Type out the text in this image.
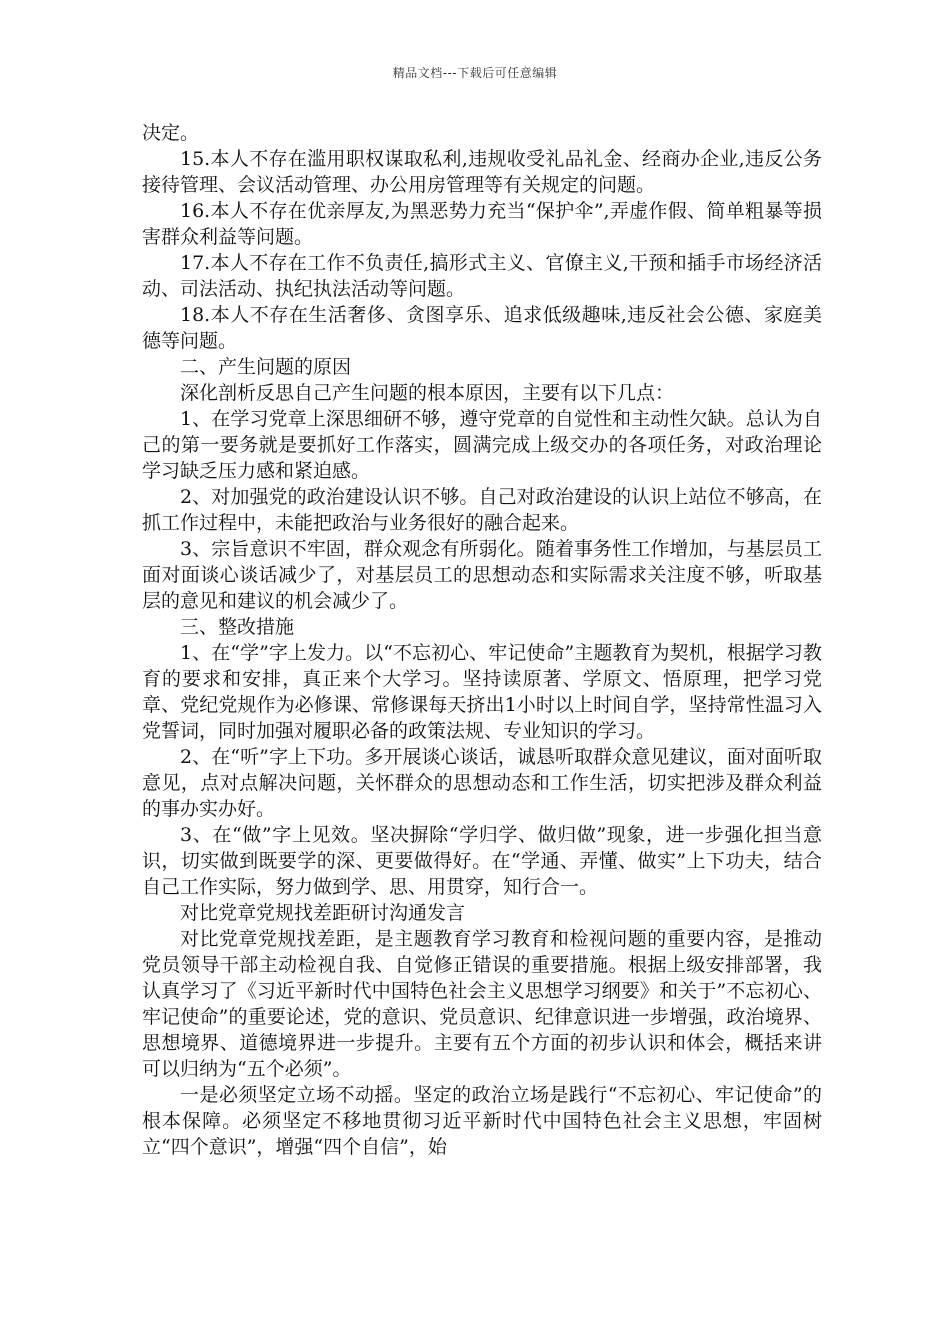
精品文档---下载后可任意编辑

决定。

15.本人不存在滥用职权谋取私利,违规收受礼品礼金、经商办企业,违反公务接待管理、会议活动管理、办公用房管理等有关规定的问题。

16.本人不存在优亲厚友,为黑恶势力充当“保护伞”,弄虚作假、简单粗暴等损害群众利益等问题。

17.本人不存在工作不负责任,搞形式主义、官僚主义,干预和插手市场经济活动、司法活动、执纪执法活动等问题。

18.本人不存在生活奢侈、贪图享乐、追求低级趣味,违反社会公德、家庭美德等问题。

二、产生问题的原因

深化剖析反思自己产生问题的根本原因，主要有以下几点：

1、在学习党章上深思细研不够，遵守党章的自觉性和主动性欠缺。总认为自己的第一要务就是要抓好工作落实，圆满完成上级交办的各项任务，对政治理论学习缺乏压力感和紧迫感。

2、对加强党的政治建设认识不够。自己对政治建设的认识上站位不够高，在抓工作过程中，未能把政治与业务很好的融合起来。

3、宗旨意识不牢固，群众观念有所弱化。随着事务性工作增加，与基层员工面对面谈心谈话减少了，对基层员工的思想动态和实际需求关注度不够，听取基层的意见和建议的机会减少了。

三、整改措施

1、在“学”字上发力。以“不忘初心、牢记使命”主题教育为契机，根据学习教育的要求和安排，真正来个大学习。坚持读原著、学原文、悟原理，把学习党章、党纪党规作为必修课、常修课每天挤出1小时以上时间自学，坚持常性温习入党誓词，同时加强对履职必备的政策法规、专业知识的学习。

2、在“听”字上下功。多开展谈心谈话，诚恳听取群众意见建议，面对面听取意见，点对点解决问题，关怀群众的思想动态和工作生活，切实把涉及群众利益的事办实办好。

3、在“做”字上见效。坚决摒除“学归学、做归做”现象，进一步强化担当意识，切实做到既要学的深、更要做得好。在“学通、弄懂、做实”上下功夫，结合自己工作实际，努力做到学、思、用贯穿，知行合一。

对比党章党规找差距研讨沟通发言

对比党章党规找差距，是主题教育学习教育和检视问题的重要内容，是推动党员领导干部主动检视自我、自觉修正错误的重要措施。根据上级安排部署，我认真学习了《习近平新时代中国特色社会主义思想学习纲要》和关于”不忘初心、牢记使命”的重要论述，党的意识、党员意识、纪律意识进一步增强，政治境界、思想境界、道德境界进一步提升。主要有五个方面的初步认识和体会，概括来讲可以归纳为“五个必须”。

一是必须坚定立场不动摇。坚定的政治立场是践行“不忘初心、牢记使命”的根本保障。必须坚定不移地贯彻习近平新时代中国特色社会主义思想，牢固树立“四个意识”，增强“四个自信”，始
